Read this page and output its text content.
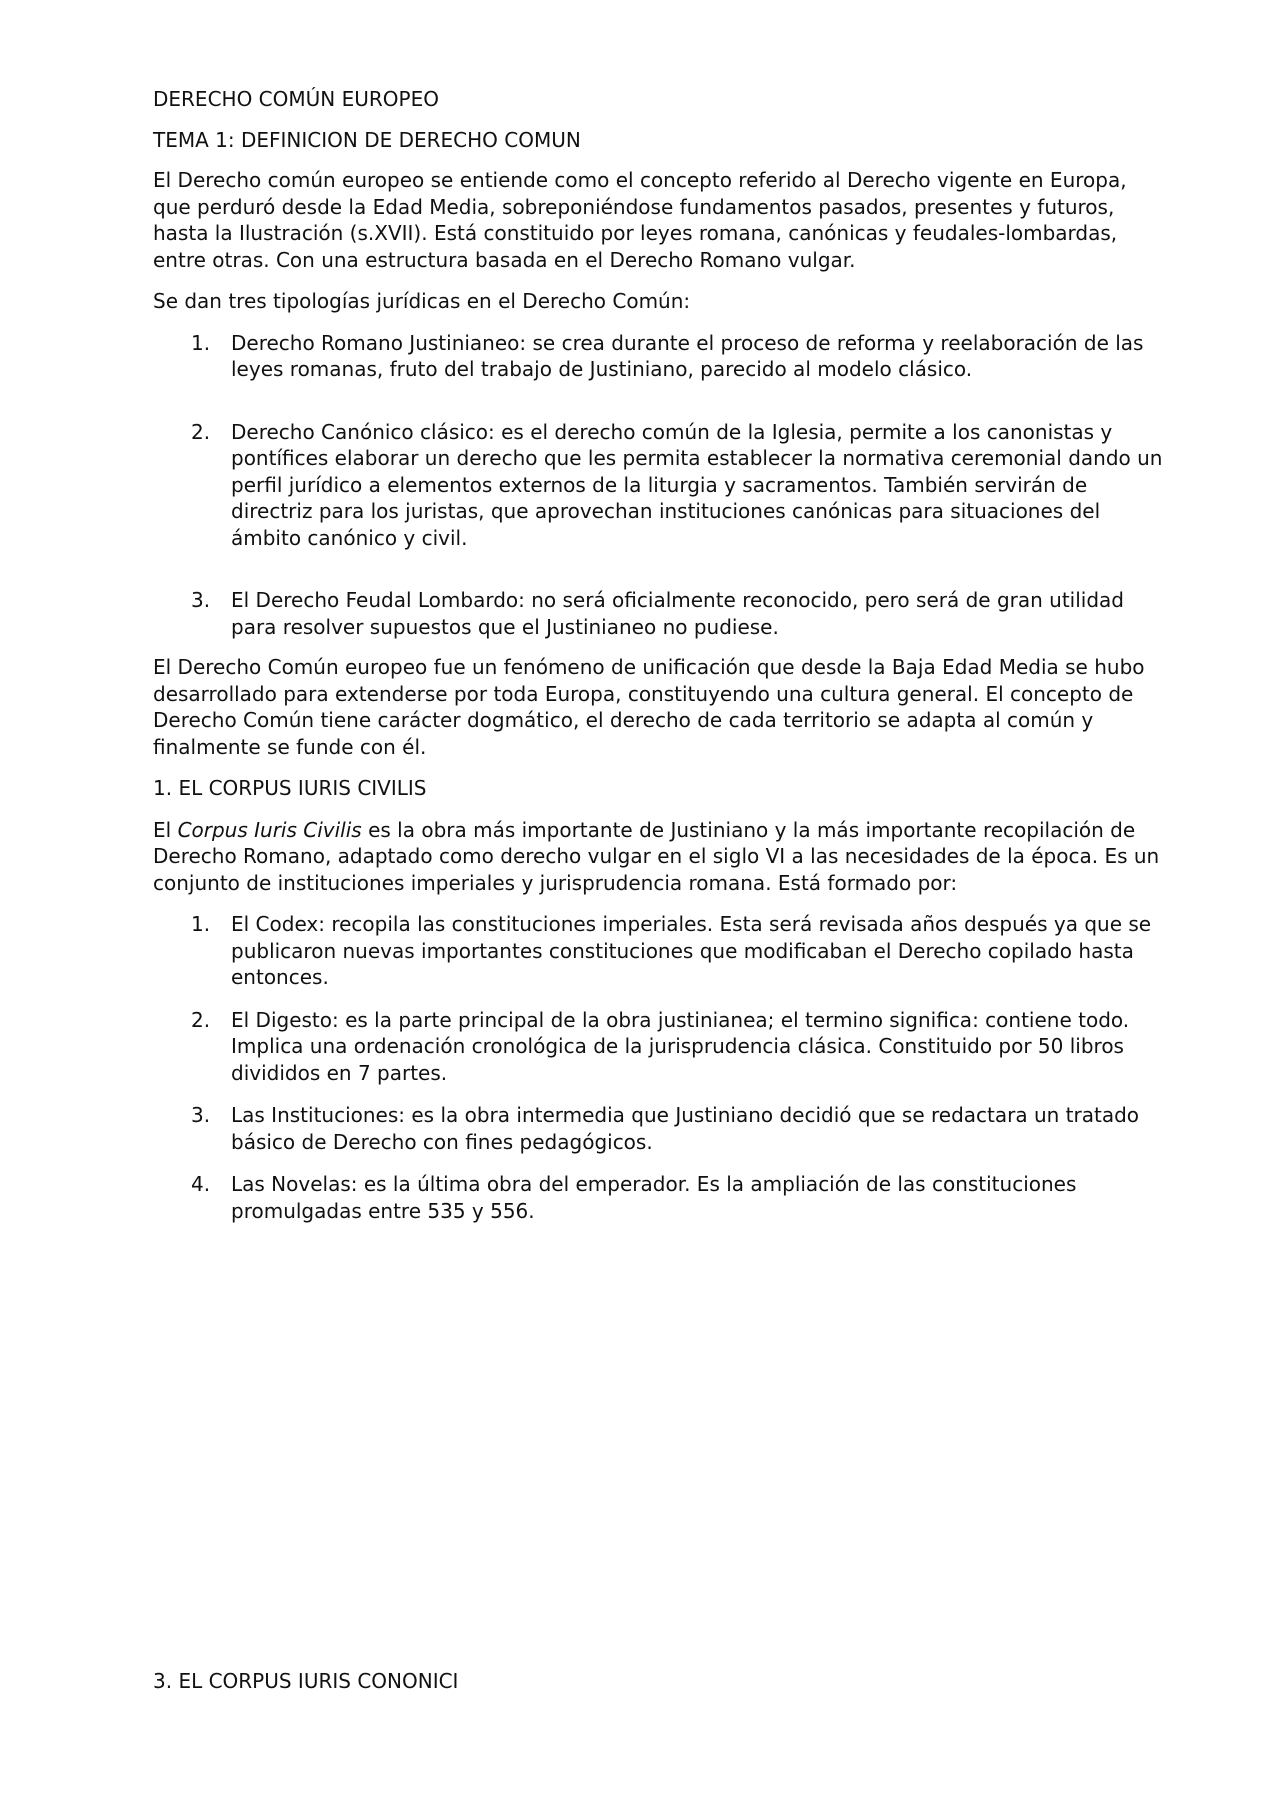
DERECHO COMÚN EUROPEO

TEMA 1: DEFINICION DE DERECHO COMUN

El Derecho común europeo se entiende como el concepto referido al Derecho vigente en Europa, que perduró desde la Edad Media, sobreponiéndose fundamentos pasados, presentes y futuros, hasta la Ilustración (s.XVII). Está constituido por leyes romana, canónicas y feudales-lombardas, entre otras. Con una estructura basada en el Derecho Romano vulgar.

Se dan tres tipologías jurídicas en el Derecho Común:

1. Derecho Romano Justinianeo: se crea durante el proceso de reforma y reelaboración de las leyes romanas, fruto del trabajo de Justiniano, parecido al modelo clásico.
2. Derecho Canónico clásico: es el derecho común de la Iglesia, permite a los canonistas y pontífices elaborar un derecho que les permita establecer la normativa ceremonial dando un perfil jurídico a elementos externos de la liturgia y sacramentos. También servirán de directriz para los juristas, que aprovechan instituciones canónicas para situaciones del ámbito canónico y civil.
3. El Derecho Feudal Lombardo: no será oficialmente reconocido, pero será de gran utilidad para resolver supuestos que el Justinianeo no pudiese.

El Derecho Común europeo fue un fenómeno de unificación que desde la Baja Edad Media se hubo desarrollado para extenderse por toda Europa, constituyendo una cultura general. El concepto de Derecho Común tiene carácter dogmático, el derecho de cada territorio se adapta al común y finalmente se funde con él.

1. EL CORPUS IURIS CIVILIS

El Corpus Iuris Civilis es la obra más importante de Justiniano y la más importante recopilación de Derecho Romano, adaptado como derecho vulgar en el siglo VI a las necesidades de la época. Es un conjunto de instituciones imperiales y jurisprudencia romana. Está formado por:

1. El Codex: recopila las constituciones imperiales. Esta será revisada años después ya que se publicaron nuevas importantes constituciones que modificaban el Derecho copilado hasta entonces.
2. El Digesto: es la parte principal de la obra justinianea; el termino significa: contiene todo. Implica una ordenación cronológica de la jurisprudencia clásica. Constituido por 50 libros divididos en 7 partes.
3. Las Instituciones: es la obra intermedia que Justiniano decidió que se redactara un tratado básico de Derecho con fines pedagógicos.
4. Las Novelas: es la última obra del emperador. Es la ampliación de las constituciones promulgadas entre 535 y 556.

3. EL CORPUS IURIS CONONICI
